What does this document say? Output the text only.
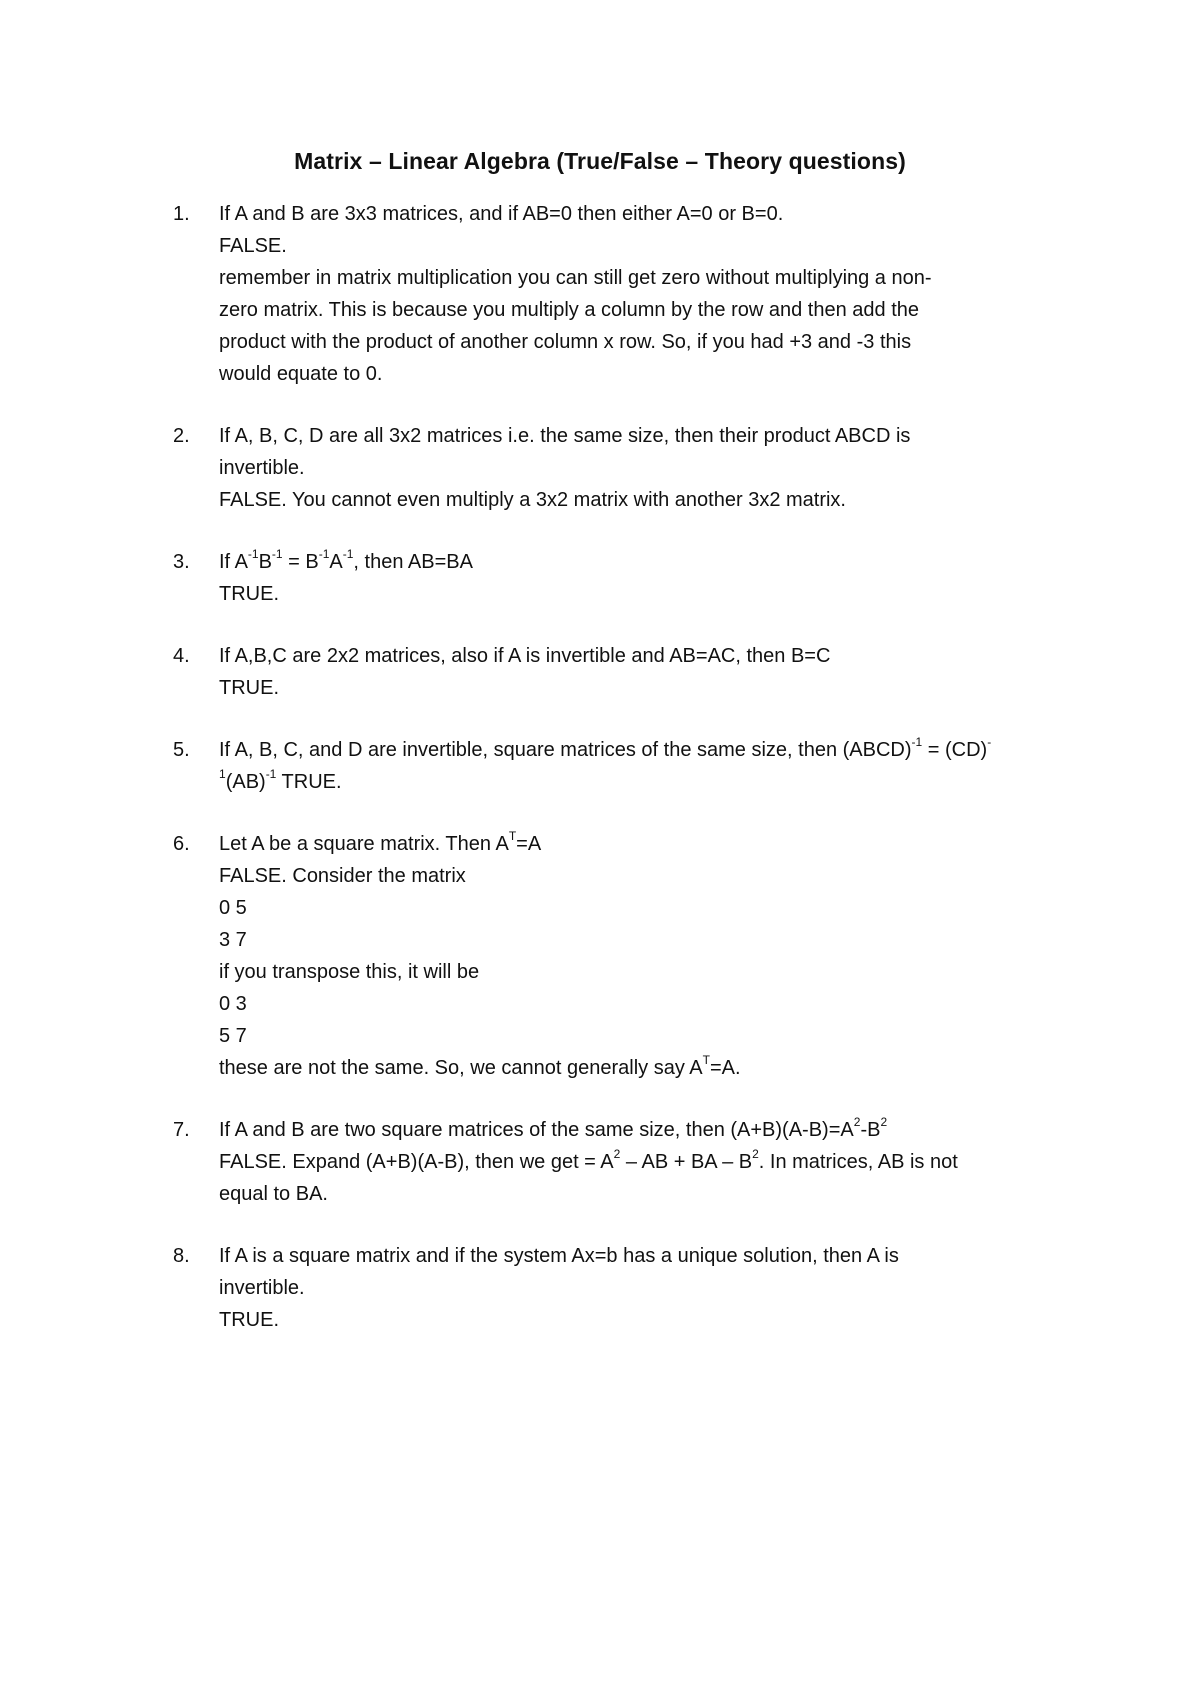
Matrix – Linear Algebra (True/False – Theory questions)
1. If A and B are 3x3 matrices, and if AB=0 then either A=0 or B=0.
FALSE.
remember in matrix multiplication you can still get zero without multiplying a non-
zero matrix. This is because you multiply a column by the row and then add the
product with the product of another column x row. So, if you had +3 and -3 this
would equate to 0.
2. If A, B, C, D are all 3x2 matrices i.e. the same size, then their product ABCD is
invertible.
FALSE. You cannot even multiply a 3x2 matrix with another 3x2 matrix.
3. If $A^{-1}B^{-1} = B^{-1}A^{-1}$, then AB=BA
TRUE.
4. If A,B,C are 2x2 matrices, also if A is invertible and AB=AC, then B=C
TRUE.
5. If A, B, C, and D are invertible, square matrices of the same size, then (ABCD)$^{-1}$ = (CD)-
$^1$(AB)$^{-1}$ TRUE.
6. Let A be a square matrix. Then $A^T=A$
FALSE. Consider the matrix
0 5
3 7
if you transpose this, it will be
0 3
5 7
these are not the same. So, we cannot generally say $A^T=A$.
7. If A and B are two square matrices of the same size, then $(A+B)(A-B)=A^2-B^2$
FALSE. Expand (A+B)(A-B), then we get = $A^2$ – AB + BA – $B^2$. In matrices, AB is not
equal to BA.
8. If A is a square matrix and if the system Ax=b has a unique solution, then A is
invertible.
TRUE.
